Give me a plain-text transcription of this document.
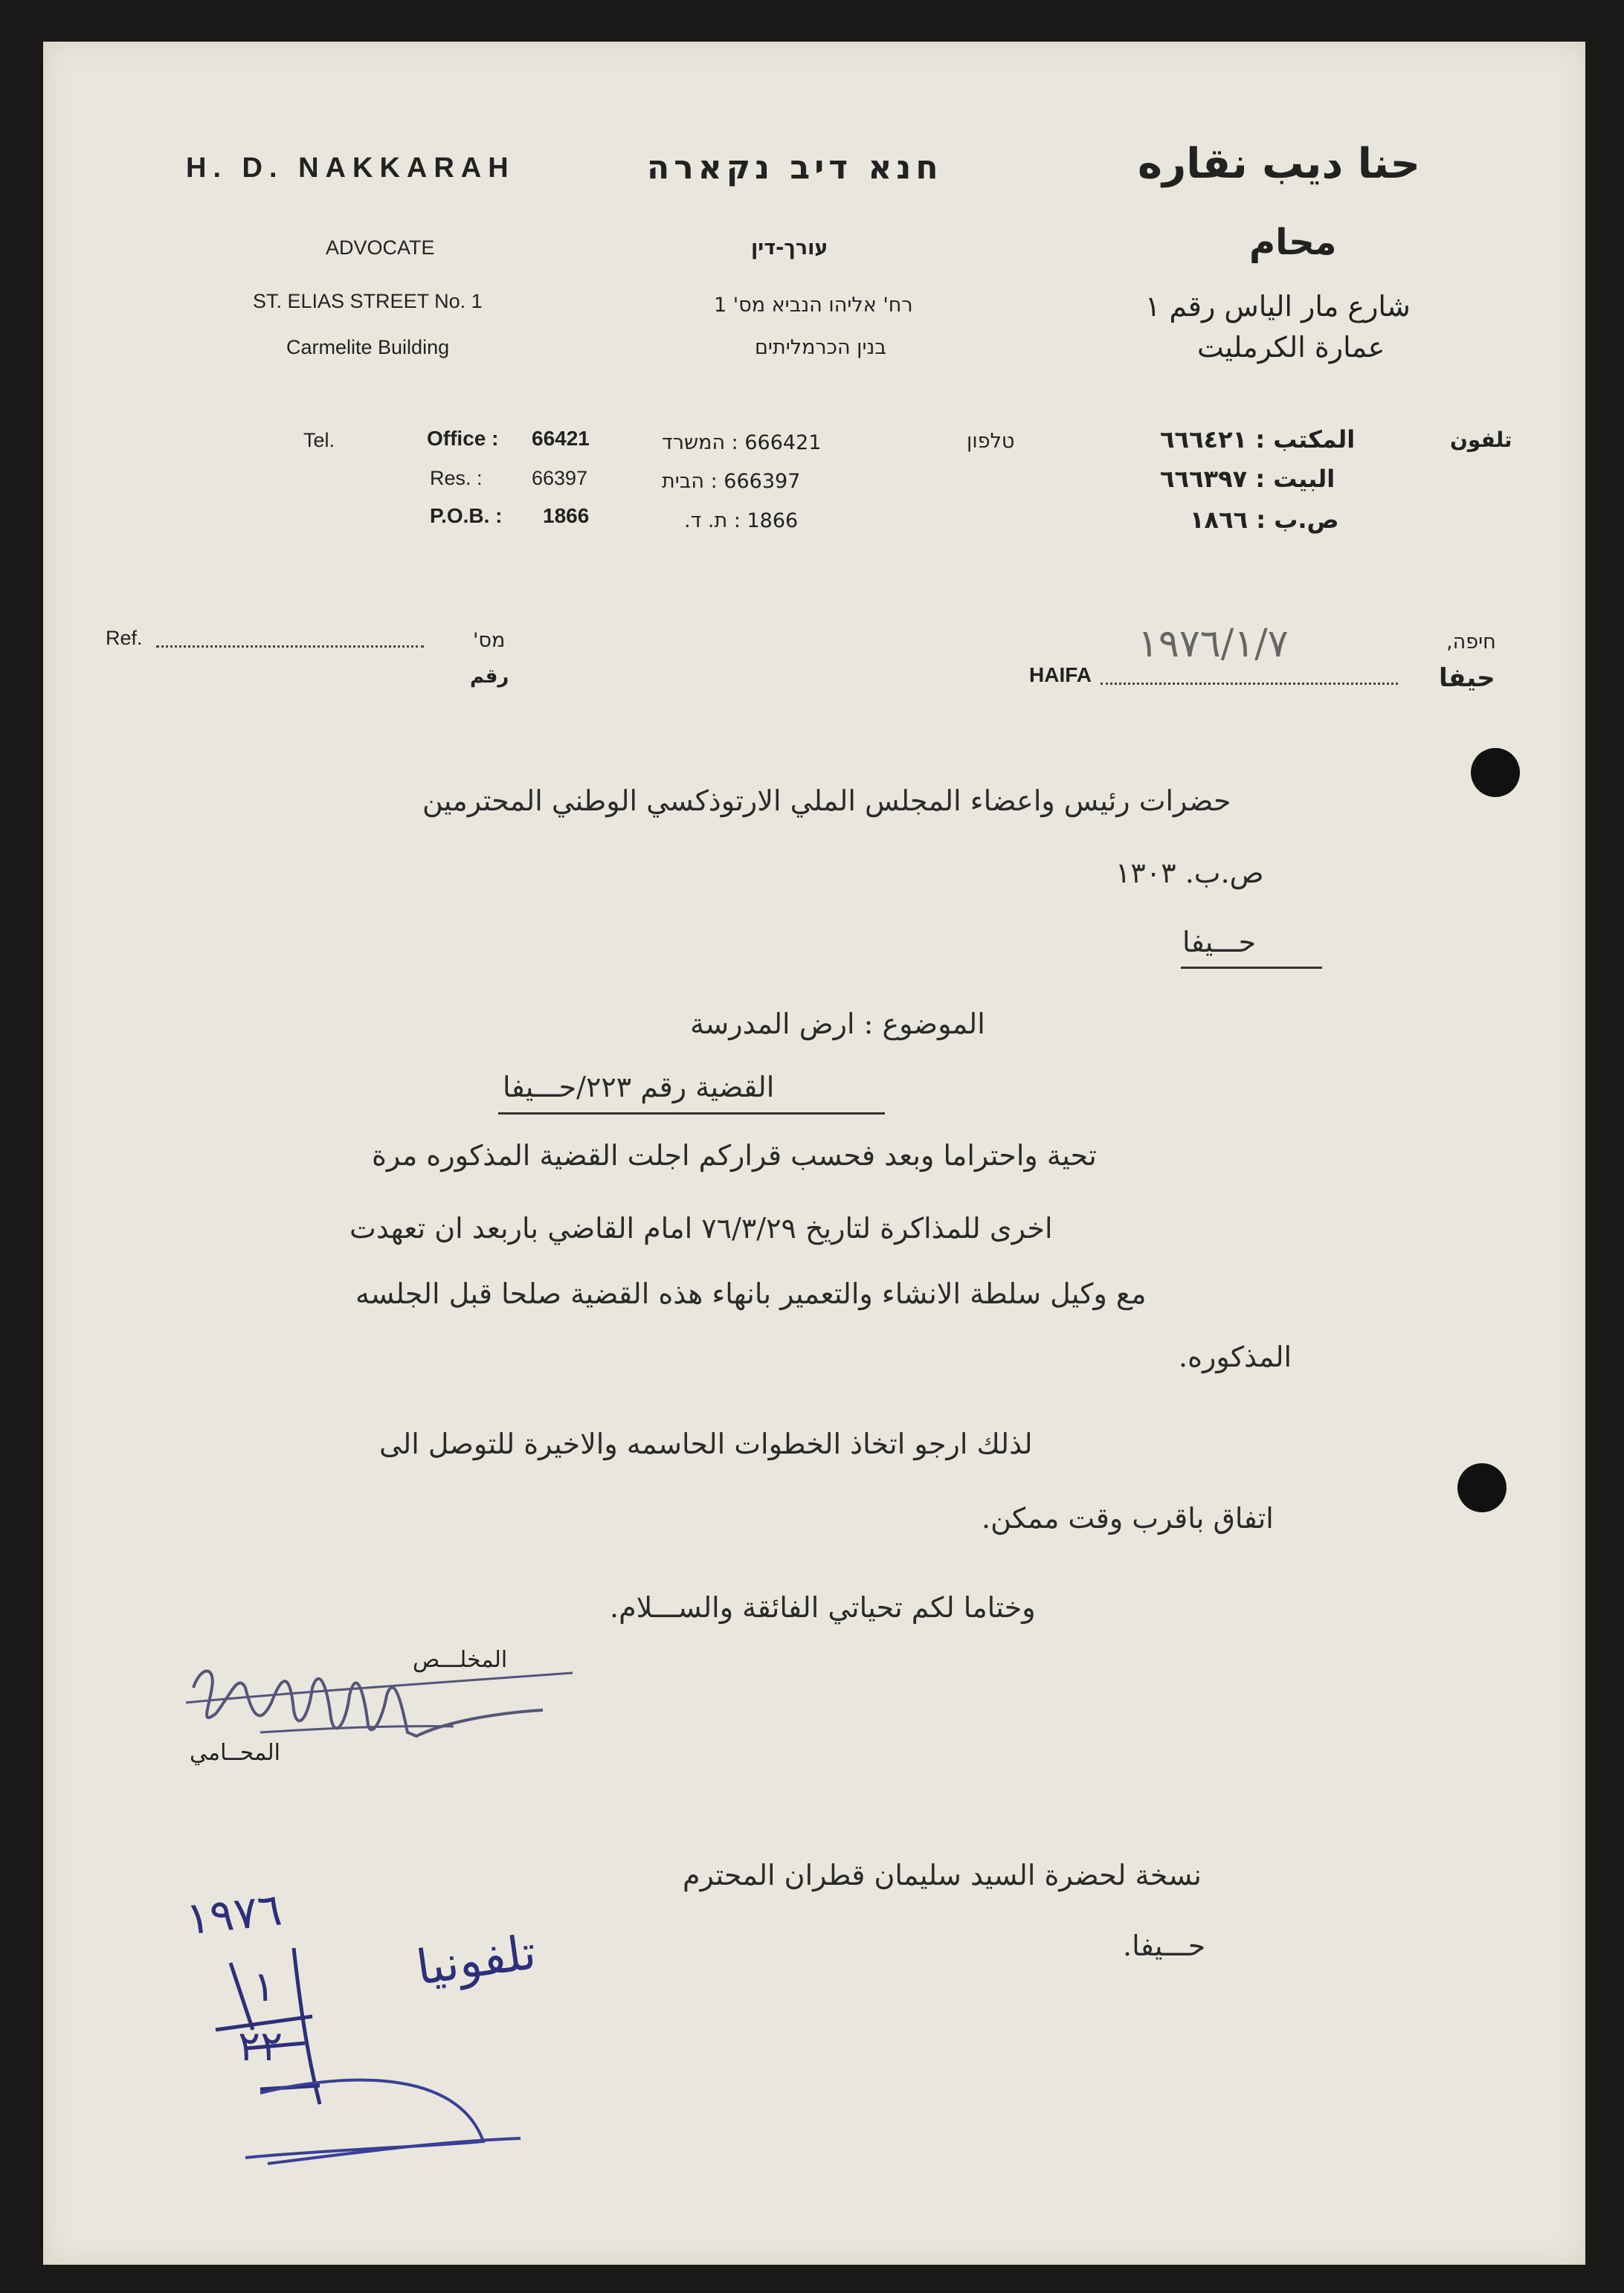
H. D. NAKKARAH	חנא דיב נקארה	حنا ديب نقاره
ADVOCATE	עורך-דין	محام
ST. ELIAS STREET No. 1
Carmelite Building
רח' אליהו הנביא מס' 1
בנין הכרמליתים
شارع مار الياس رقم ١
عمارة الكرمليت
Tel.	Office : 66421
Res. : 66397
P.O.B. : 1866
666421 : המשרד
666397 : הבית
1866 : ת. ד.
טלפון	المكتب : ٦٦٦٤٢١
البيت : ٦٦٦٣٩٧
ص.ب : ١٨٦٦
تلفون
Ref.	מס'
رقم
חיפה,
حيفا
HAIFA
١٩٧٦/١/٧
حضرات رئيس واعضاء المجلس الملي الارتوذكسي الوطني المحترمين
ص.ب. ١٣٠٣
حـــيفا
الموضوع : ارض المدرسة
القضية رقم ٢٢٣/حـــيفا
تحية واحتراما وبعد فحسب قراركم اجلت القضية المذكوره مرة
اخرى للمذاكرة لتاريخ ٧٦/٣/٢٩ امام القاضي باربعد ان تعهدت
مع وكيل سلطة الانشاء والتعمير بانهاء هذه القضية صلحا قبل الجلسه
المذكوره.
لذلك ارجو اتخاذ الخطوات الحاسمه والاخيرة للتوصل الى
اتفاق باقرب وقت ممكن.
وختاما لكم تحياتي الفائقة والســـلام.
المخلـــص
المحــامي
نسخة لحضرة السيد سليمان قطران المحترم
حـــيفا.
١٩٧٦
١
٢٢
تلفونيا
